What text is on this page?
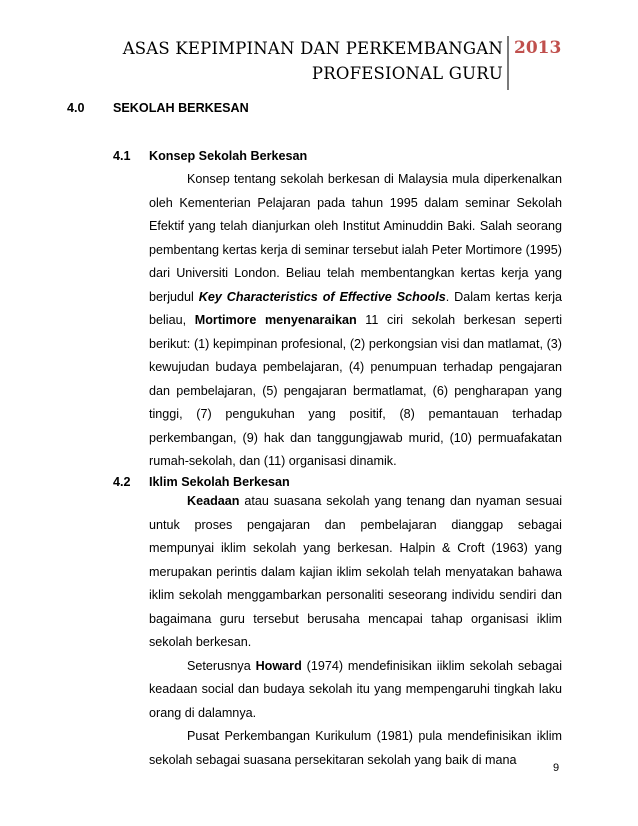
ASAS KEPIMPINAN DAN PERKEMBANGAN
PROFESIONAL GURU
2013
4.0 SEKOLAH BERKESAN
4.1 Konsep Sekolah Berkesan

Konsep tentang sekolah berkesan di Malaysia mula diperkenalkan oleh Kementerian Pelajaran pada tahun 1995 dalam seminar Sekolah Efektif yang telah dianjurkan oleh Institut Aminuddin Baki. Salah seorang pembentang kertas kerja di seminar tersebut ialah Peter Mortimore (1995) dari Universiti London. Beliau telah membentangkan kertas kerja yang berjudul Key Characteristics of Effective Schools. Dalam kertas kerja beliau, Mortimore menyenaraikan 11 ciri sekolah berkesan seperti berikut: (1) kepimpinan profesional, (2) perkongsian visi dan matlamat, (3) kewujudan budaya pembelajaran, (4) penumpuan terhadap pengajaran dan pembelajaran, (5) pengajaran bermatlamat, (6) pengharapan yang tinggi, (7) pengukuhan yang positif, (8) pemantauan terhadap perkembangan, (9) hak dan tanggungjawab murid, (10) permuafakatan rumah-sekolah, dan (11) organisasi dinamik.

4.2 Iklim Sekolah Berkesan

Keadaan atau suasana sekolah yang tenang dan nyaman sesuai untuk proses pengajaran dan pembelajaran dianggap sebagai mempunyai iklim sekolah yang berkesan. Halpin & Croft (1963) yang merupakan perintis dalam kajian iklim sekolah telah menyatakan bahawa iklim sekolah menggambarkan personaliti seseorang individu sendiri dan bagaimana guru tersebut berusaha mencapai tahap organisasi iklim sekolah berkesan.

Seterusnya Howard (1974) mendefinisikan iiklim sekolah sebagai keadaan social dan budaya sekolah itu yang mempengaruhi tingkah laku orang di dalamnya.

Pusat Perkembangan Kurikulum (1981) pula mendefinisikan iklim sekolah sebagai suasana persekitaran sekolah yang baik di mana

9
